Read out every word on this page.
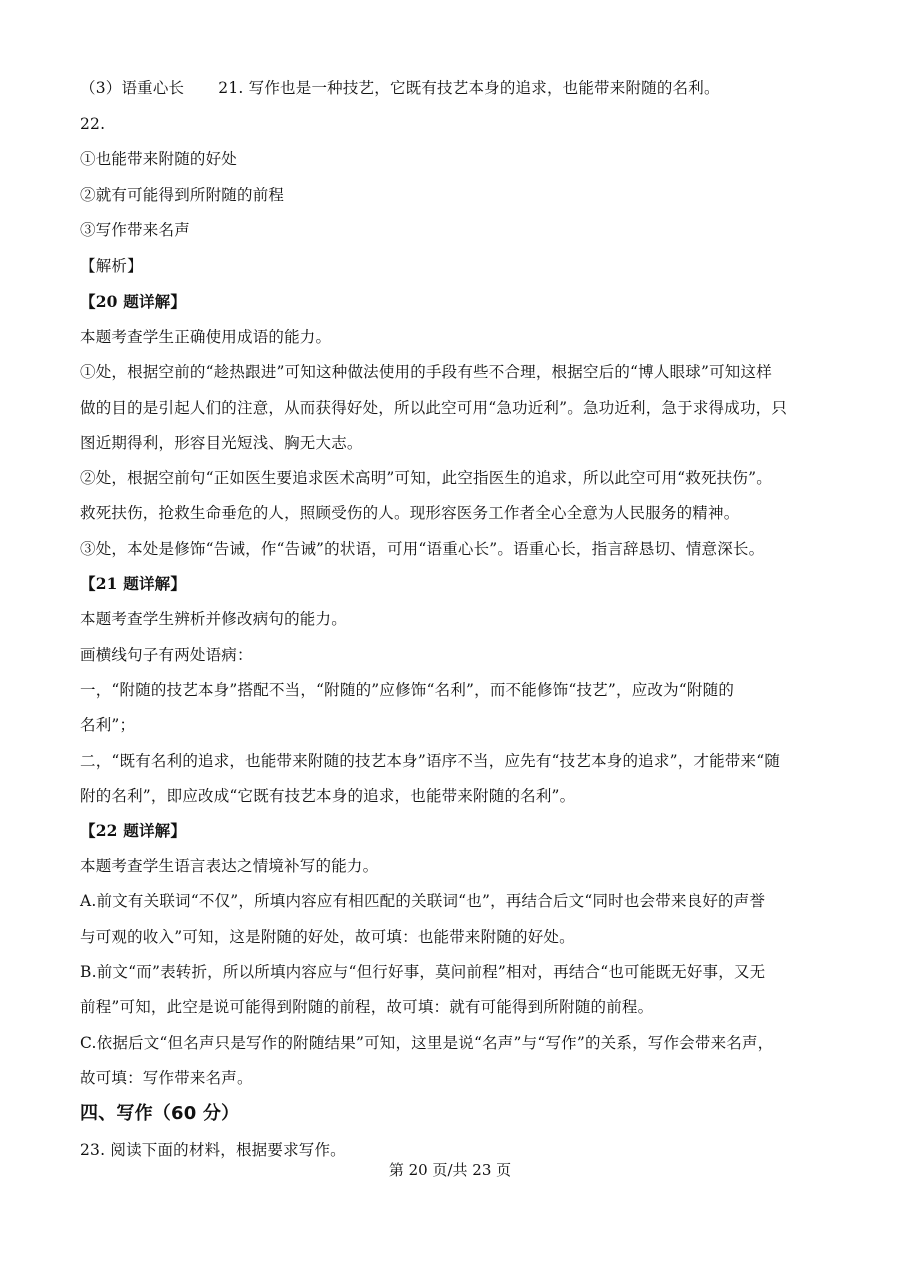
（3）语重心长 21. 写作也是一种技艺，它既有技艺本身的追求，也能带来附随的名利。
22.
①也能带来附随的好处
②就有可能得到所附随的前程
③写作带来名声
【解析】
【20 题详解】
本题考查学生正确使用成语的能力。
①处，根据空前的“趁热跟进”可知这种做法使用的手段有些不合理，根据空后的“博人眼球”可知这样
做的目的是引起人们的注意，从而获得好处，所以此空可用“急功近利”。急功近利，急于求得成功，只
图近期得利，形容目光短浅、胸无大志。
②处，根据空前句“正如医生要追求医术高明”可知，此空指医生的追求，所以此空可用“救死扶伤”。
救死扶伤，抢救生命垂危的人，照顾受伤的人。现形容医务工作者全心全意为人民服务的精神。
③处，本处是修饰“告诫，作“告诫”的状语，可用“语重心长”。语重心长，指言辞恳切、情意深长。
【21 题详解】
本题考查学生辨析并修改病句的能力。
画横线句子有两处语病：
一，“附随的技艺本身”搭配不当，“附随的”应修饰“名利”，而不能修饰“技艺”，应改为“附随的
名利”；
二，“既有名利的追求，也能带来附随的技艺本身”语序不当，应先有“技艺本身的追求”，才能带来“随
附的名利”，即应改成“它既有技艺本身的追求，也能带来附随的名利”。
【22 题详解】
本题考查学生语言表达之情境补写的能力。
A.前文有关联词“不仅”，所填内容应有相匹配的关联词“也”，再结合后文“同时也会带来良好的声誉
与可观的收入”可知，这是附随的好处，故可填：也能带来附随的好处。
B.前文“而”表转折，所以所填内容应与“但行好事，莫问前程”相对，再结合“也可能既无好事，又无
前程”可知，此空是说可能得到附随的前程，故可填：就有可能得到所附随的前程。
C.依据后文“但名声只是写作的附随结果”可知，这里是说“名声”与“写作”的关系，写作会带来名声，
故可填：写作带来名声。
四、写作（60 分）
23. 阅读下面的材料，根据要求写作。
第 20 页/共 23 页
